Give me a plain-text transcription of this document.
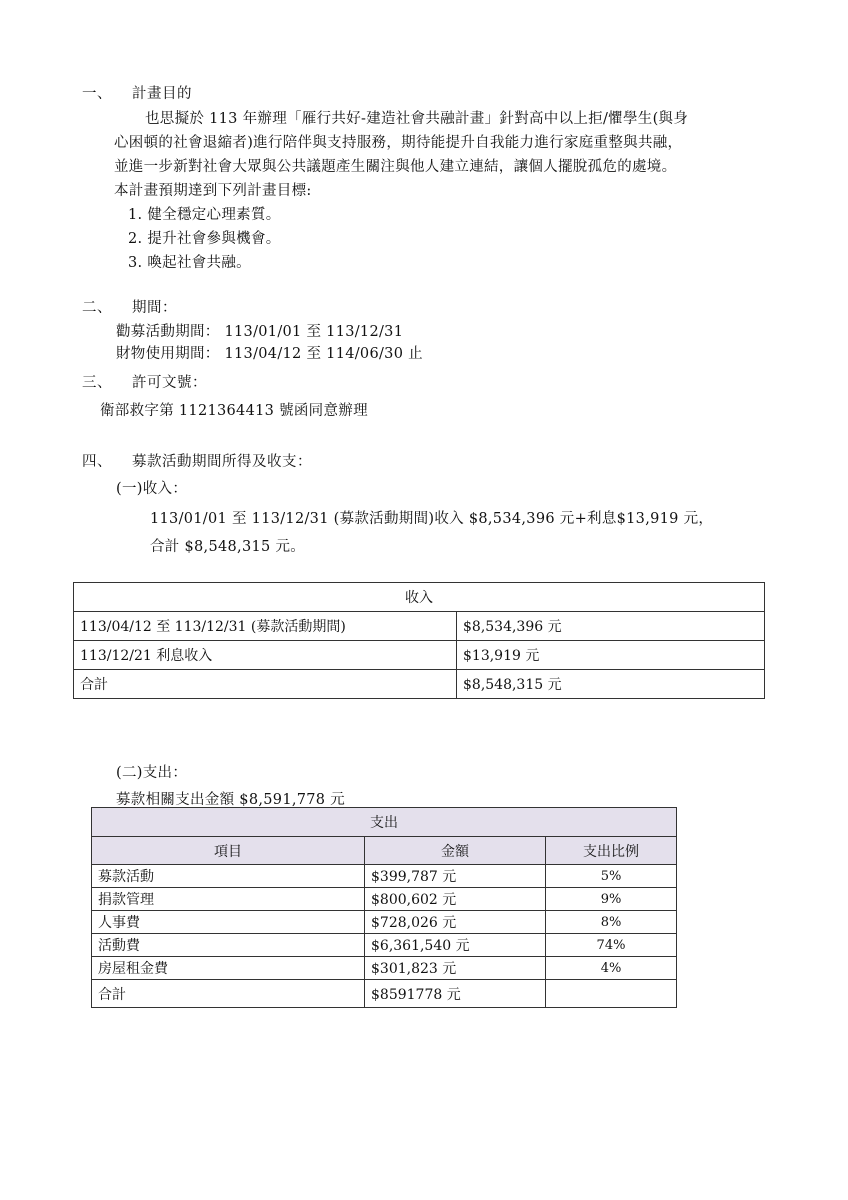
一、 計畫目的
也思擬於 113 年辦理「雁行共好-建造社會共融計畫」針對高中以上拒/懼學生(與身
心困頓的社會退縮者)進行陪伴與支持服務，期待能提升自我能力進行家庭重整與共融，
並進一步新對社會大眾與公共議題產生關注與他人建立連結，讓個人擺脫孤危的處境。
本計畫預期達到下列計畫目標:
1. 健全穩定心理素質。
2. 提升社會參與機會。
3. 喚起社會共融。
二、 期間：
勸募活動期間： 113/01/01 至 113/12/31
財物使用期間： 113/04/12 至 114/06/30 止
三、 許可文號：
衛部救字第 1121364413 號函同意辦理
四、 募款活動期間所得及收支：
(一)收入：
113/01/01 至 113/12/31 (募款活動期間)收入 $8,534,396 元+利息$13,919 元，
合計 $8,548,315 元。
收入	
113/04/12 至 113/12/31 (募款活動期間)	$8,534,396 元
113/12/21 利息收入	$13,919 元
合計	$8,548,315 元
(二)支出：
募款相關支出金額 $8,591,778 元
支出		
項目	金額	支出比例
募款活動	$399,787 元	5%
捐款管理	$800,602 元	9%
人事費	$728,026 元	8%
活動費	$6,361,540 元	74%
房屋租金費	$301,823 元	4%
合計	$8591778 元	
